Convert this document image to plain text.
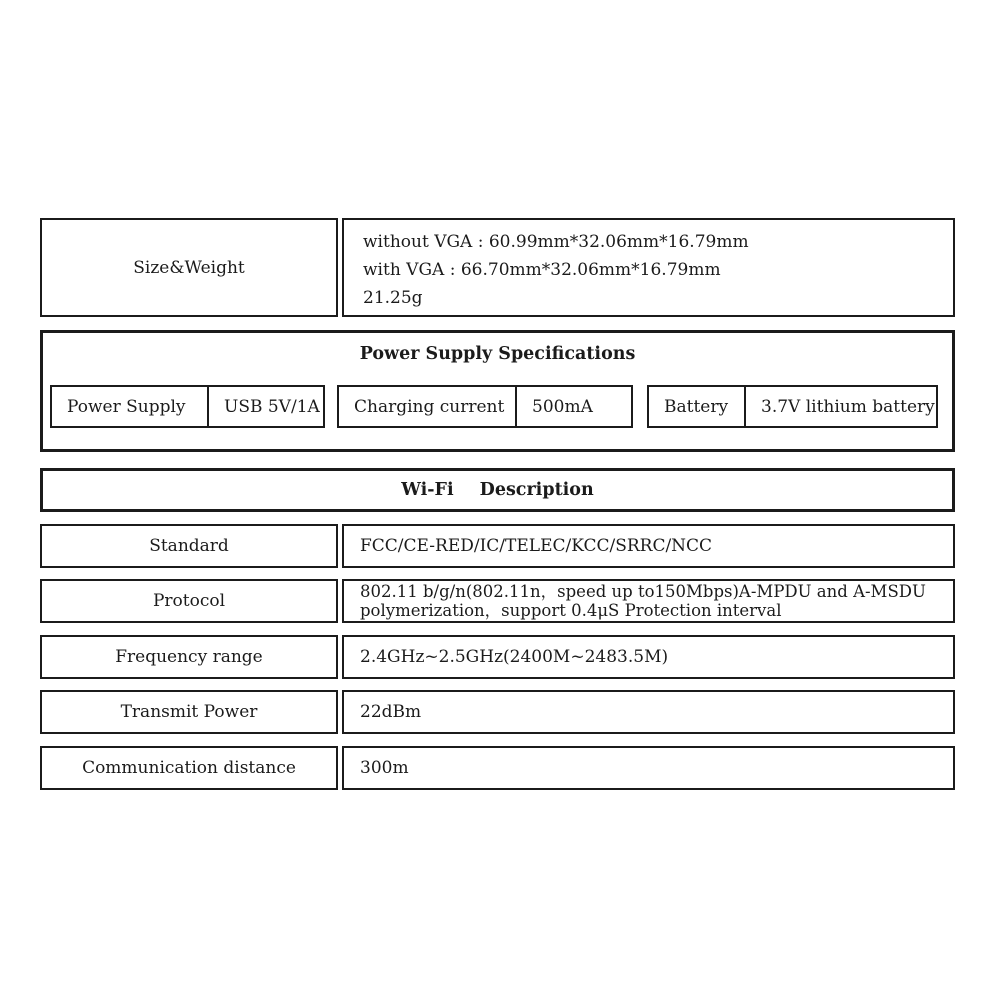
Size&Weight
without VGA : 60.99mm*32.06mm*16.79mm
with VGA : 66.70mm*32.06mm*16.79mm
21.25g
Power Supply Specifications
Power Supply	USB 5V/1A	Charging current	500mA	Battery	3.7V lithium battery
Wi-Fi Description
Standard	FCC/CE-RED/IC/TELEC/KCC/SRRC/NCC
Protocol	802.11 b/g/n(802.11n，speed up to150Mbps)A-MPDU and A-MSDU
polymerization，support 0.4μS Protection interval
Frequency range	2.4GHz~2.5GHz(2400M~2483.5M)
Transmit Power	22dBm
Communication distance	300m
